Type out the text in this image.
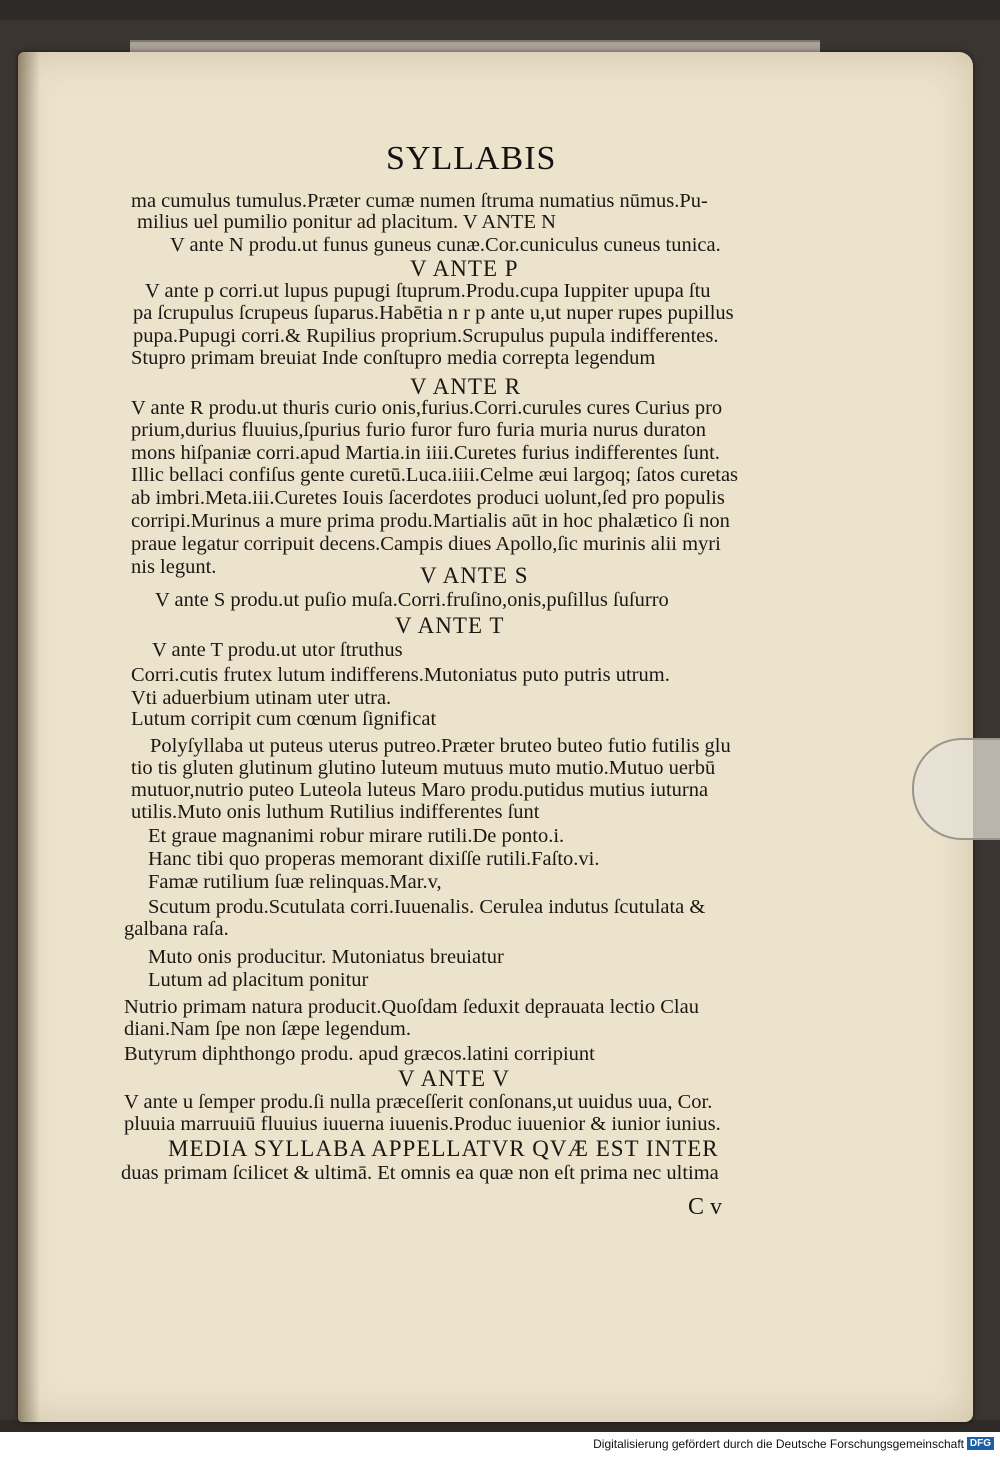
SYLLABIS
ma cumulus tumulus.Præter cumæ numen ſtruma numatius nūmus.Pu-
milius uel pumilio ponitur ad placitum. V ANTE N
V ante N produ.ut funus guneus cunæ.Cor.cuniculus cuneus tunica.
V ANTE P
V ante p corri.ut lupus pupugi ſtuprum.Produ.cupa Iuppiter upupa ſtu
pa ſcrupulus ſcrupeus ſuparus.Habētia n r p ante u,ut nuper rupes pupillus
pupa.Pupugi corri.& Rupilius proprium.Scrupulus pupula indifferentes.
Stupro primam breuiat Inde conſtupro media correpta legendum
V ANTE R
V ante R produ.ut thuris curio onis,furius.Corri.curules cures Curius pro
prium,durius fluuius,ſpurius furio furor furo furia muria nurus duraton
mons hiſpaniæ corri.apud Martia.in iiii.Curetes furius indifferentes ſunt.
Illic bellaci confiſus gente curetū.Luca.iiii.Celme æui largoq; ſatos curetas
ab imbri.Meta.iii.Curetes Iouis ſacerdotes produci uolunt,ſed pro populis
corripi.Murinus a mure prima produ.Martialis aūt in hoc phalætico ſi non
praue legatur corripuit decens.Campis diues Apollo,ſic murinis alii myri
nis legunt.	V ANTE S
V ante S produ.ut puſio muſa.Corri.fruſino,onis,puſillus ſuſurro
V ANTE T
V ante T produ.ut utor ſtruthus
Corri.cutis frutex lutum indifferens.Mutoniatus puto putris utrum.
Vti aduerbium utinam uter utra.
Lutum corripit cum cœnum ſignificat
Polyſyllaba ut puteus uterus putreo.Præter bruteo buteo futio futilis glu
tio tis gluten glutinum glutino luteum mutuus muto mutio.Mutuo uerbū
mutuor,nutrio puteo Luteola luteus Maro produ.putidus mutius iuturna
utilis.Muto onis luthum Rutilius indifferentes ſunt
Et graue magnanimi robur mirare rutili.De ponto.i.
Hanc tibi quo properas memorant dixiſſe rutili.Faſto.vi.
Famæ rutilium ſuæ relinquas.Mar.v,
Scutum produ.Scutulata corri.Iuuenalis. Cerulea indutus ſcutulata &
galbana raſa.
Muto onis producitur. Mutoniatus breuiatur
Lutum ad placitum ponitur
Nutrio primam natura producit.Quoſdam ſeduxit deprauata lectio Clau
diani.Nam ſpe non ſæpe legendum.
Butyrum diphthongo produ. apud græcos.latini corripiunt
V ANTE V
V ante u ſemper produ.ſi nulla præceſſerit conſonans,ut uuidus uua, Cor.
pluuia marruuiū fluuius iuuerna iuuenis.Produc iuuenior & iunior iunius.
MEDIA SYLLABA APPELLATVR QVÆ EST INTER
duas primam ſcilicet & ultimā. Et omnis ea quæ non eſt prima nec ultima
C v
Digitalisierung gefördert durch die Deutsche Forschungsgemeinschaft DFG
